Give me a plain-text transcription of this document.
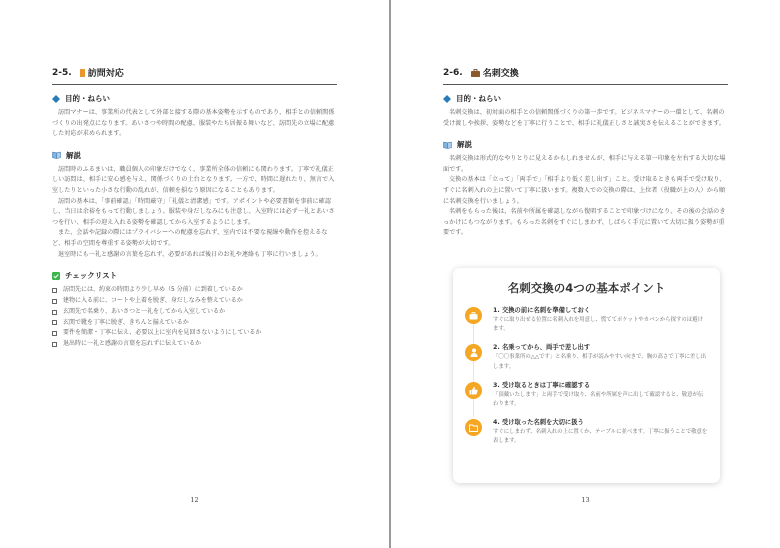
2-5. 訪問対応
目的・ねらい

訪問マナーは、事業所の代表として外部と接する際の基本姿勢を示すものであり、相手との信頼関係づくりの出発点になります。あいさつや時間の配慮、服装やたち居振る舞いなど、訪問先の立場に配慮した対応が求められます。

解説

訪問時のふるまいは、職員個人の印象だけでなく、事業所全体の信頼にも関わります。丁寧で礼儀正しい訪問は、相手に安心感を与え、関係づくりの土台となります。一方で、時間に遅れたり、無言で入室したりといった小さな行動の乱れが、信頼を損なう原因になることもあります。

訪問の基本は、「事前確認」「時間厳守」「礼儀と清潔感」です。アポイントや必要書類を事前に確認し、当日は余裕をもって行動しましょう。服装や身だしなみにも注意し、入室時には必ず一礼とあいさつを行い、相手の迎え入れる姿勢を確認してから入室するようにします。

また、会話や記録の際にはプライバシーへの配慮を忘れず、室内では不要な視線や動作を控えるなど、相手の空間を尊重する姿勢が大切です。

退室時にも一礼と感謝の言葉を忘れず、必要があれば後日のお礼や連絡も丁寧に行いましょう。

チェックリスト
訪問先には、約束の時間より少し早め（5 分前）に到着しているか
建物に入る前に、コートや上着を脱ぎ、身だしなみを整えているか
玄関先で名乗り、あいさつと一礼をしてから入室しているか
玄関で靴を丁寧に脱ぎ、きちんと揃えているか
要件を簡潔・丁寧に伝え、必要以上に室内を見回さないようにしているか
退出時に一礼と感謝の言葉を忘れずに伝えているか
12
2-6. 名刺交換
目的・ねらい

名刺交換は、初対面の相手との信頼関係づくりの第一歩です。ビジネスマナーの一環として、名刺の受け渡しや挨拶、姿勢などを丁寧に行うことで、相手に礼儀正しさと誠実さを伝えることができます。

解説

名刺交換は形式的なやりとりに見えるかもしれませんが、相手に与える第一印象を左右する大切な場面です。

交換の基本は「立って」「両手で」「相手より低く差し出す」こと。受け取るときも両手で受け取り、すぐに名刺入れの上に置いて丁寧に扱います。複数人での交換の際は、上位者（役職が上の人）から順に名刺交換を行いましょう。

名刺をもらった後は、名前や所属を確認しながら復唱することで印象づけになり、その後の会話のきっかけにもつながります。もらった名刺をすぐにしまわず、しばらく手元に置いて大切に扱う姿勢が重要です。

名刺交換の4つの基本ポイント
1. 交換の前に名刺を準備しておく
すぐに取り出せる位置に名刺入れを用意し、慌ててポケットやカバンから探すのは避けます。
2. 名乗ってから、両手で差し出す
「〇〇事業所の△△です」と名乗り、相手が読みやすい向きで、胸の高さで丁寧に差し出します。
3. 受け取るときは丁寧に確認する
「頂戴いたします」と両手で受け取り、名前や所属を声に出して確認すると、敬意が伝わります。
4. 受け取った名刺を大切に扱う
すぐにしまわず、名刺入れの上に置くか、テーブルに並べます。丁寧に扱うことで敬意を表します。
13
